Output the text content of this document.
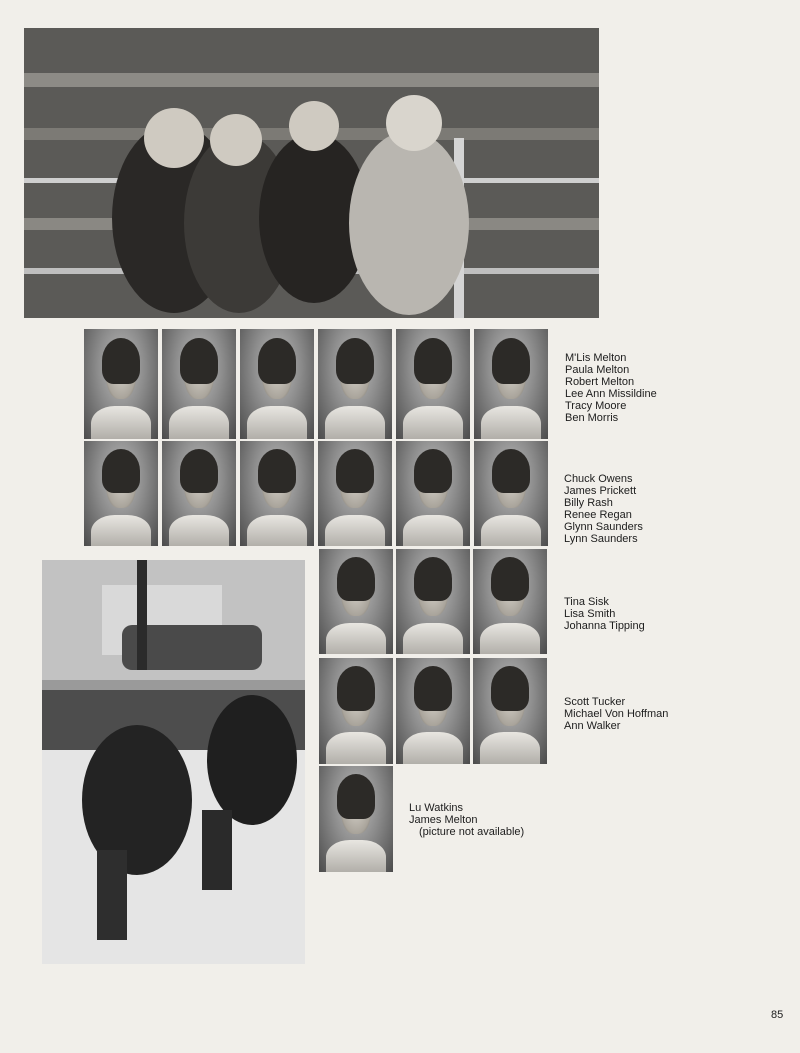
M'Lis Melton
Paula Melton
Robert Melton
Lee Ann Missildine
Tracy Moore
Ben Morris
Chuck Owens
James Prickett
Billy Rash
Renee Regan
Glynn Saunders
Lynn Saunders
Tina Sisk
Lisa Smith
Johanna Tipping
Scott Tucker
Michael Von Hoffman
Ann Walker
Lu Watkins
James Melton
(picture not available)
85
